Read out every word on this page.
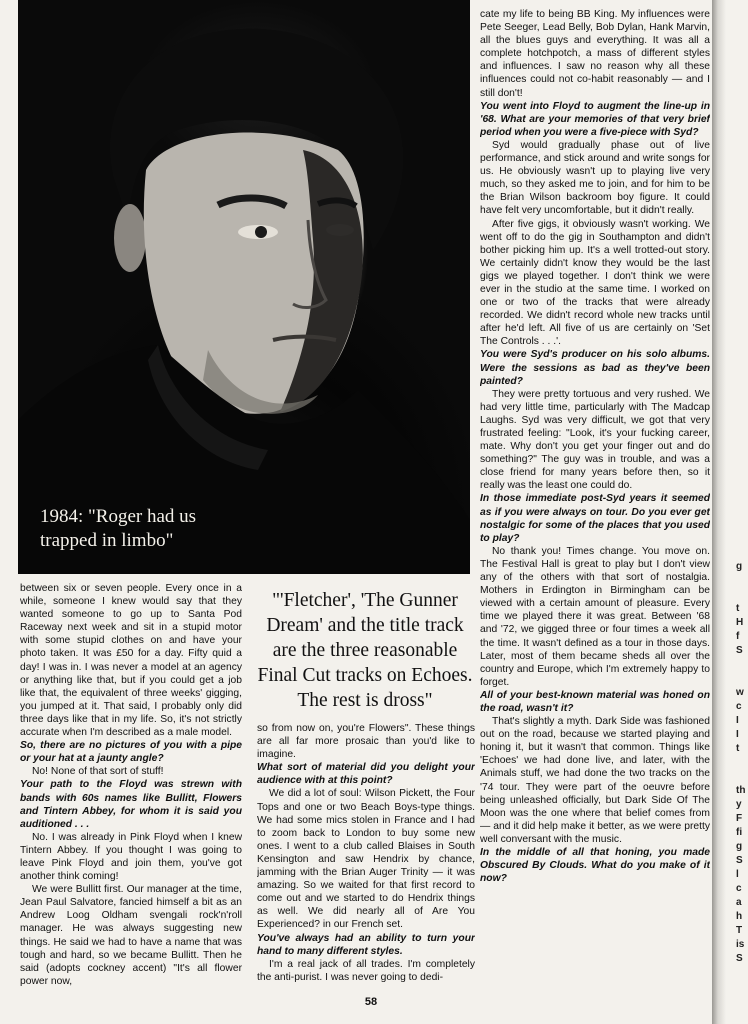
1984: "Roger had us
trapped in limbo"

between six or seven people. Every once in a while, someone I knew would say that they wanted someone to go up to Santa Pod Raceway next week and sit in a stupid motor with some stupid clothes on and have your photo taken. It was £50 for a day. Fifty quid a day! I was in. I was never a model at an agency or anything like that, but if you could get a job like that, the equivalent of three weeks' gigging, you jumped at it. That said, I probably only did three days like that in my life. So, it's not strictly accurate when I'm described as a male model.

So, there are no pictures of you with a pipe or your hat at a jaunty angle?

No! None of that sort of stuff!

Your path to the Floyd was strewn with bands with 60s names like Bullitt, Flowers and Tintern Abbey, for whom it is said you auditioned . . .

No. I was already in Pink Floyd when I knew Tintern Abbey. If you thought I was going to leave Pink Floyd and join them, you've got another think coming!

We were Bullitt first. Our manager at the time, Jean Paul Salvatore, fancied himself a bit as an Andrew Loog Oldham svengali rock'n'roll manager. He was always suggesting new things. He said we had to have a name that was tough and hard, so we became Bullitt. Then he said (adopts cockney accent) "It's all flower power now,

"'Fletcher', 'The Gunner Dream' and the title track are the three reasonable Final Cut tracks on Echoes. The rest is dross"

so from now on, you're Flowers". These things are all far more prosaic than you'd like to imagine.

What sort of material did you delight your audience with at this point?

We did a lot of soul: Wilson Pickett, the Four Tops and one or two Beach Boys-type things. We had some mics stolen in France and I had to zoom back to London to buy some new ones. I went to a club called Blaises in South Kensington and saw Hendrix by chance, jamming with the Brian Auger Trinity — it was amazing. So we waited for that first record to come out and we started to do Hendrix things as well. We did nearly all of Are You Experienced? in our French set.

You've always had an ability to turn your hand to many different styles.

I'm a real jack of all trades. I'm completely the anti-purist. I was never going to dedi-

cate my life to being BB King. My influences were Pete Seeger, Lead Belly, Bob Dylan, Hank Marvin, all the blues guys and everything. It was all a complete hotchpotch, a mass of different styles and influences. I saw no reason why all these influences could not co-habit reasonably — and I still don't!

You went into Floyd to augment the line-up in '68. What are your memories of that very brief period when you were a five-piece with Syd?

Syd would gradually phase out of live performance, and stick around and write songs for us. He obviously wasn't up to playing live very much, so they asked me to join, and for him to be the Brian Wilson backroom boy figure. It could have felt very uncomfortable, but it didn't really.

After five gigs, it obviously wasn't working. We went off to do the gig in Southampton and didn't bother picking him up. It's a well trotted-out story. We certainly didn't know they would be the last gigs we played together. I don't think we were ever in the studio at the same time. I worked on one or two of the tracks that were already recorded. We didn't record whole new tracks until after he'd left. All five of us are certainly on 'Set The Controls . . .'.

You were Syd's producer on his solo albums. Were the sessions as bad as they've been painted?

They were pretty tortuous and very rushed. We had very little time, particularly with The Madcap Laughs. Syd was very difficult, we got that very frustrated feeling: "Look, it's your fucking career, mate. Why don't you get your finger out and do something?" The guy was in trouble, and was a close friend for many years before then, so it really was the least one could do.

In those immediate post-Syd years it seemed as if you were always on tour. Do you ever get nostalgic for some of the places that you used to play?

No thank you! Times change. You move on. The Festival Hall is great to play but I don't view any of the others with that sort of nostalgia. Mothers in Erdington in Birmingham can be viewed with a certain amount of pleasure. Every time we played there it was great. Between '68 and '72, we gigged three or four times a week all the time. It wasn't defined as a tour in those days. Later, most of them became sheds all over the country and Europe, which I'm extremely happy to forget.

All of your best-known material was honed on the road, wasn't it?

That's slightly a myth. Dark Side was fashioned out on the road, because we started playing and honing it, but it wasn't that common. Things like 'Echoes' we had done live, and later, with the Animals stuff, we had done the two tracks on the '74 tour. They were part of the oeuvre before being unleashed officially, but Dark Side Of The Moon was the one where that belief comes from — and it did help make it better, as we were pretty well conversant with the music.

In the middle of all that honing, you made Obscured By Clouds. What do you make of it now?

58
g

t
H
f
S

w
c
I
I
t

th
y
F
fi
g
S
l
c
a
h
T
is
S
